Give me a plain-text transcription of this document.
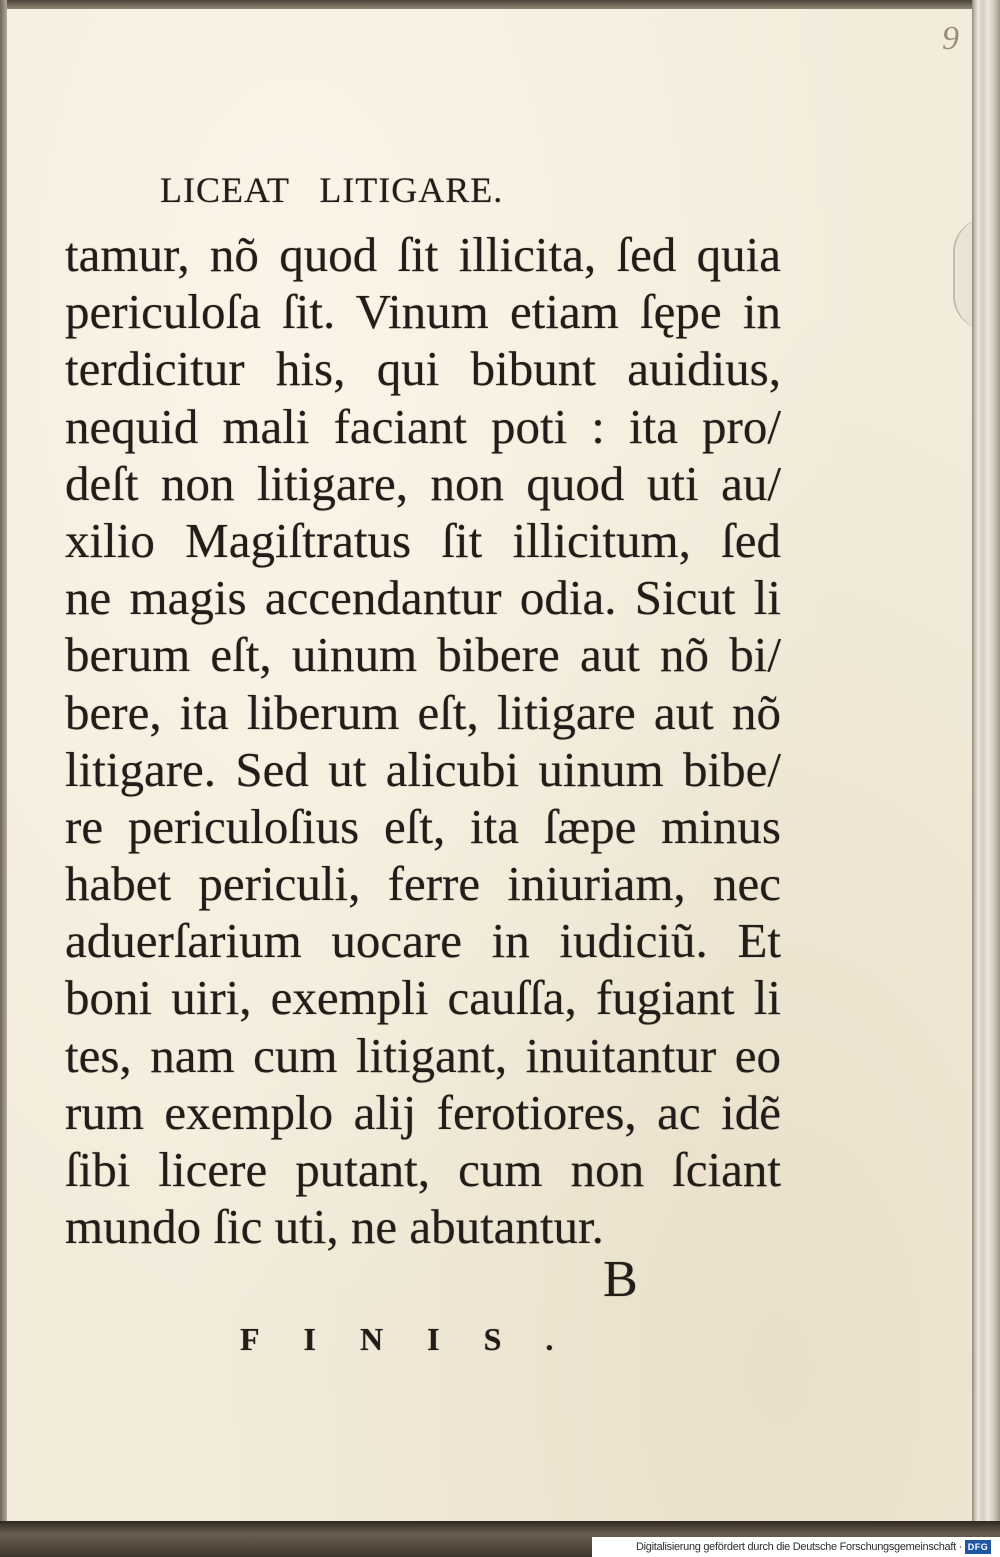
9
LICEAT LITIGARE.
tamur, nõ quod ſit illicita, ſed quia
periculoſa ſit. Vinum etiam ſępe in
terdicitur his, qui bibunt auidius,
nequid mali faciant poti : ita pro/
deſt non litigare, non quod uti au/
xilio Magiſtratus ſit illicitum, ſed
ne magis accendantur odia. Sicut li
berum eſt, uinum bibere aut nõ bi/
bere, ita liberum eſt, litigare aut nõ
litigare. Sed ut alicubi uinum bibe/
re periculoſius eſt, ita ſæpe minus
habet periculi, ferre iniuriam, nec
aduerſarium uocare in iudiciũ. Et
boni uiri, exempli cauſſa, fugiant li
tes, nam cum litigant, inuitantur eo
rum exemplo alij ferotiores, ac idẽ
ſibi licere putant, cum non ſciant
mundo ſic uti, ne abutantur.
B
FINIS.
Digitalisierung gefördert durch die Deutsche Forschungsgemeinschaft · DFG
